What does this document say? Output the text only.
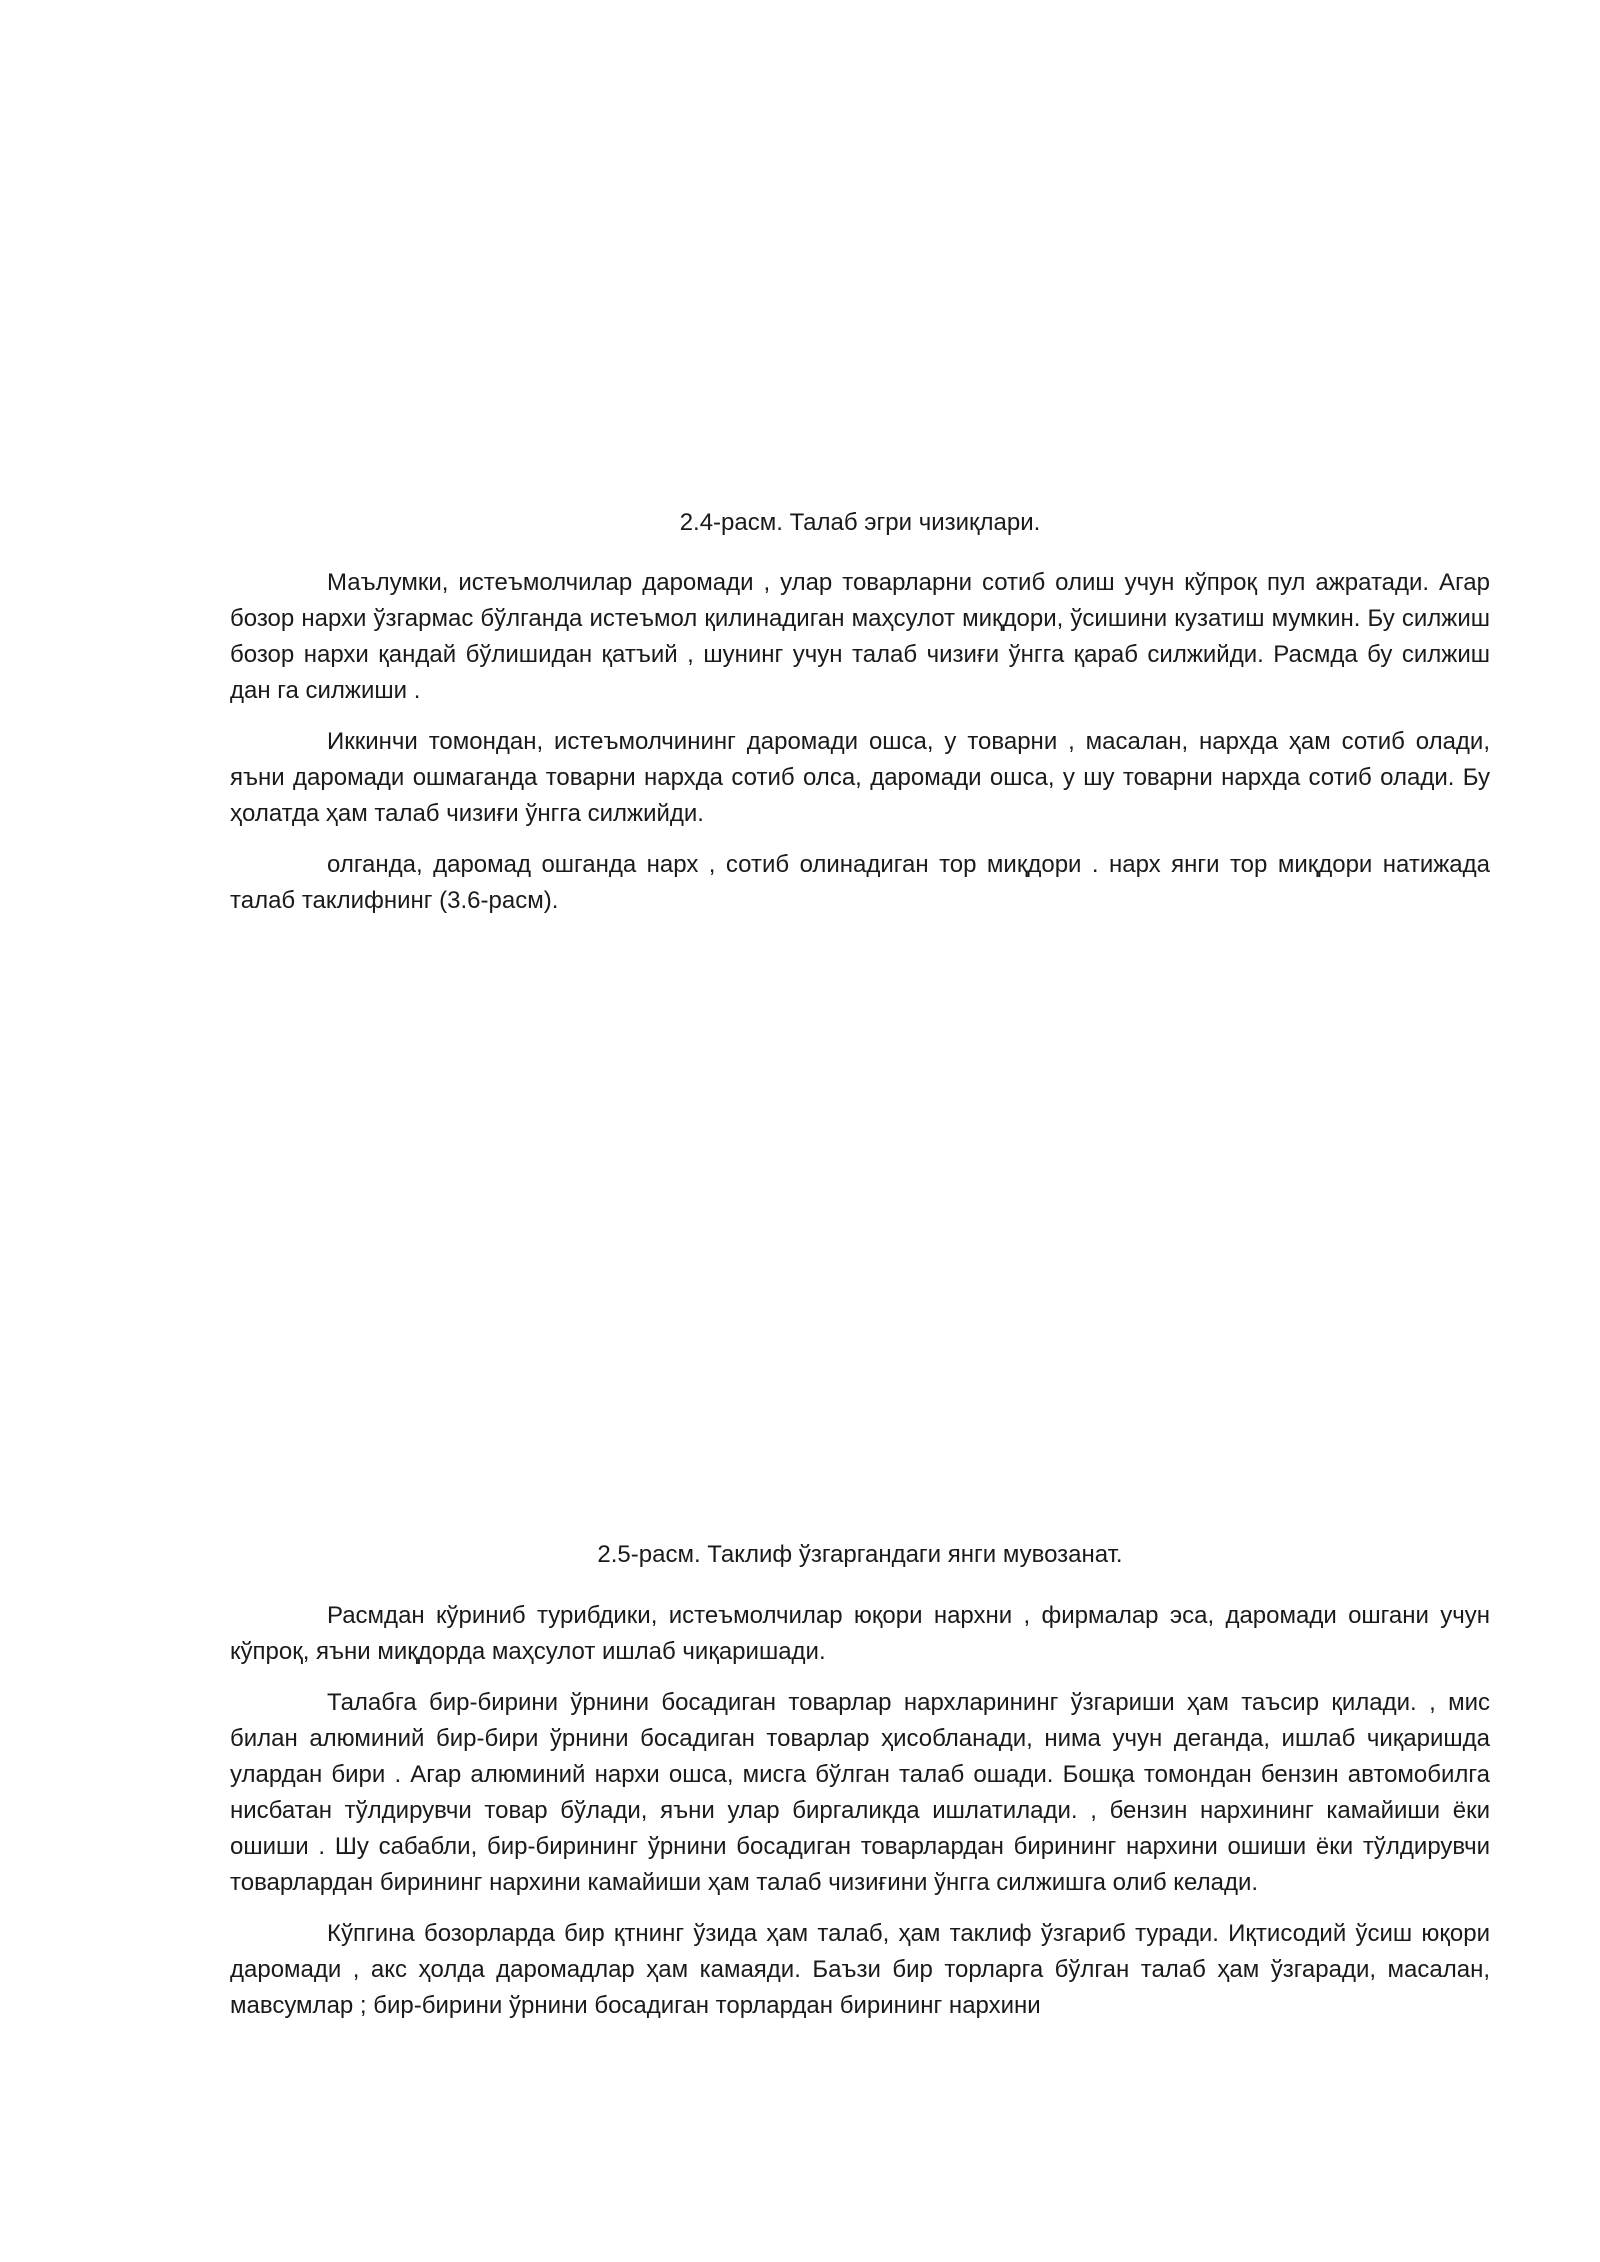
2.4-расм. Талаб эгри чизиқлари.

Маълумки, истеъмолчилар даромади , улар товарларни сотиб олиш учун кўпроқ пул ажратади. Агар бозор нархи ўзгармас бўлганда истеъмол қилинадиган маҳсулот миқдори, ўсишини кузатиш мумкин. Бу силжиш бозор нархи қандай бўлишидан қатъий , шунинг учун талаб чизиғи ўнгга қараб силжийди. Расмда бу силжиш дан га силжиши .

Иккинчи томондан, истеъмолчининг даромади ошса, у товарни , масалан, нархда ҳам сотиб олади, яъни даромади ошмаганда товарни нархда сотиб олса, даромади ошса, у шу товарни нархда сотиб олади. Бу ҳолатда ҳам талаб чизиғи ўнгга силжийди.

олганда, даромад ошганда нарх , сотиб олинадиган тор миқдори . нарх янги тор миқдори натижада талаб таклифнинг (3.6-расм).

2.5-расм. Таклиф ўзгаргандаги янги мувозанат.

Расмдан кўриниб турибдики, истеъмолчилар юқори нархни , фирмалар эса, даромади ошгани учун кўпроқ, яъни миқдорда маҳсулот ишлаб чиқаришади.

Талабга бир-бирини ўрнини босадиган товарлар нархларининг ўзгариши ҳам таъсир қилади. , мис билан алюминий бир-бири ўрнини босадиган товарлар ҳисобланади, нима учун деганда, ишлаб чиқаришда улардан бири . Агар алюминий нархи ошса, мисга бўлган талаб ошади. Бошқа томондан бензин автомобилга нисбатан тўлдирувчи товар бўлади, яъни улар биргаликда ишлатилади. , бензин нархининг камайиши ёки ошиши . Шу сабабли, бир-бирининг ўрнини босадиган товарлардан бирининг нархини ошиши ёки тўлдирувчи товарлардан бирининг нархини камайиши ҳам талаб чизиғини ўнгга силжишга олиб келади.

Кўпгина бозорларда бир қтнинг ўзида ҳам талаб, ҳам таклиф ўзгариб туради. Иқтисодий ўсиш юқори даромади , акс ҳолда даромадлар ҳам камаяди. Баъзи бир торларга бўлган талаб ҳам ўзгаради, масалан, мавсумлар ; бир-бирини ўрнини босадиган торлардан бирининг нархини
